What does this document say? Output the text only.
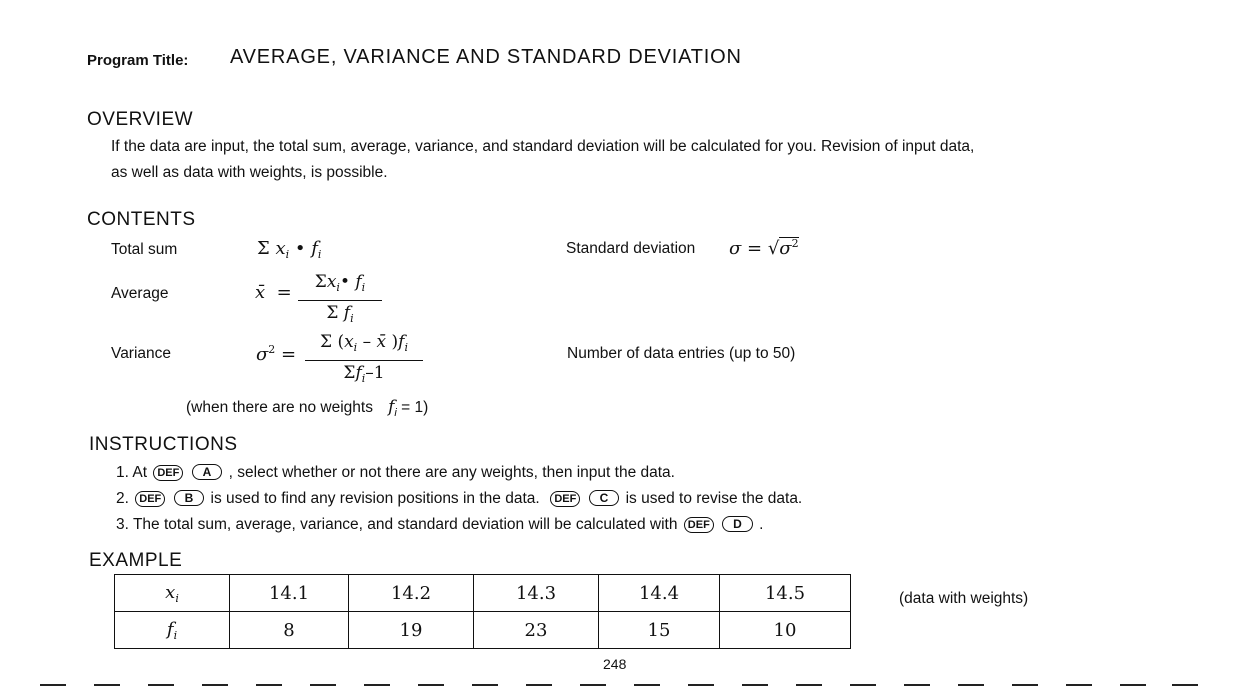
Program Title: AVERAGE, VARIANCE AND STANDARD DEVIATION
OVERVIEW
If the data are input, the total sum, average, variance, and standard deviation will be calculated for you. Revision of input data,
as well as data with weights, is possible.
CONTENTS
Total sum	Σ $x_i$ • $f_i$
Average	x̄  =	$\Sigma x_i•$ $f_i$
Σ $f_i$
Variance	$\sigma^2$ =
Σ ($x_i$ – x̄ )$f_i$
$\Sigma f_i-1$
(when there are no weights   $f_i = 1$)
Standard deviation $\sigma = √\sigma^2$
Number of data entries (up to 50)
INSTRUCTIONS
1. At DEF A , select whether or not there are any weights, then input the data.
2. DEF B is used to find any revision positions in the data. DEF C is used to revise the data.
3. The total sum, average, variance, and standard deviation will be calculated with DEF D .
EXAMPLE
$x_i$	14.1	14.2	14.3	14.4	14.5
$f_i$	8	19	23	15	10
(data with weights)
248
